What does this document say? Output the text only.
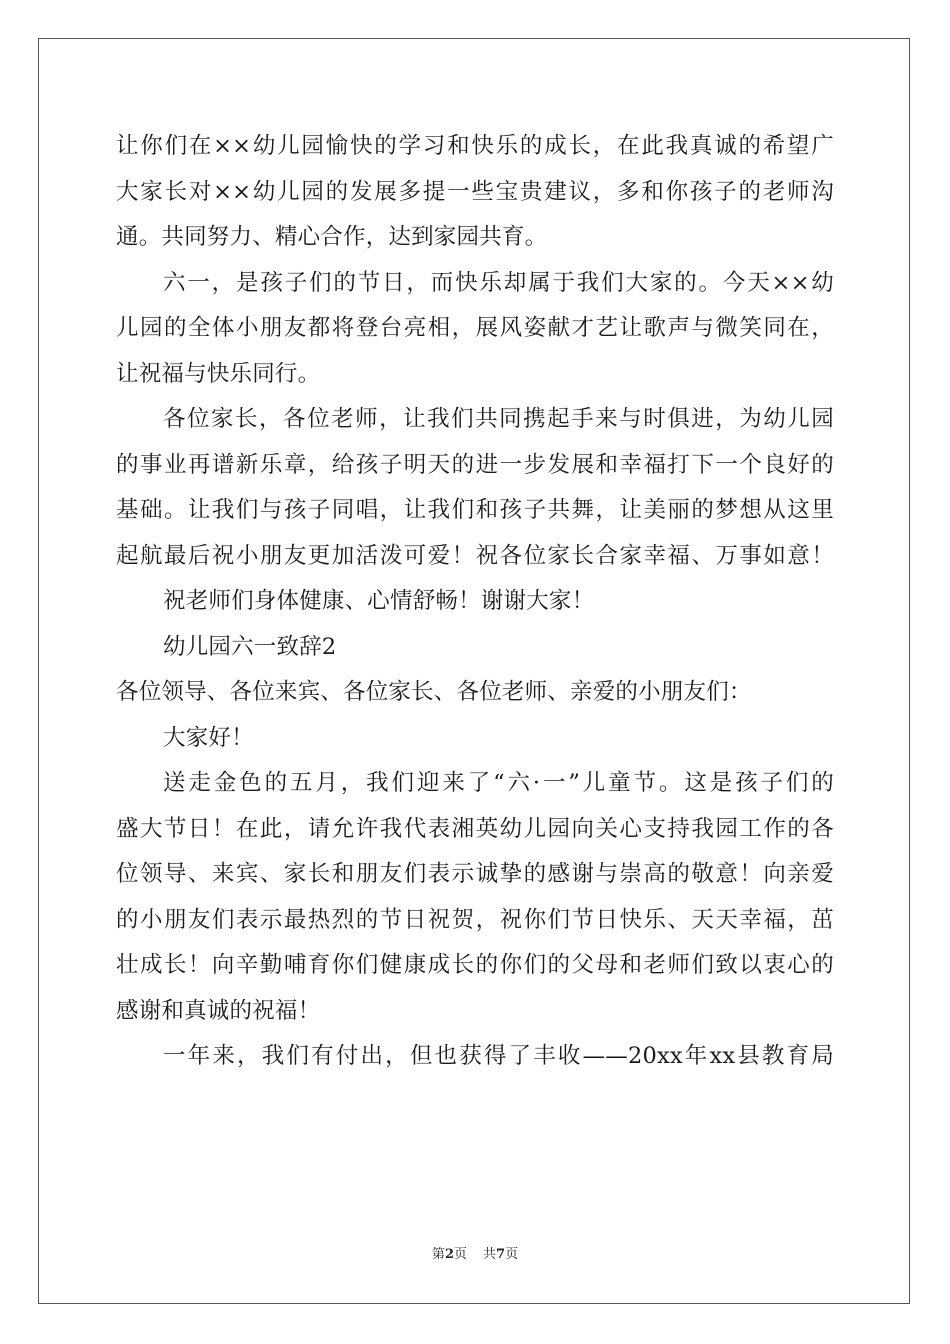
让你们在××幼儿园愉快的学习和快乐的成长，在此我真诚的希望广
大家长对××幼儿园的发展多提一些宝贵建议，多和你孩子的老师沟
通。共同努力、精心合作，达到家园共育。
六一，是孩子们的节日，而快乐却属于我们大家的。今天××幼
儿园的全体小朋友都将登台亮相，展风姿献才艺让歌声与微笑同在，
让祝福与快乐同行。
各位家长，各位老师，让我们共同携起手来与时俱进，为幼儿园
的事业再谱新乐章，给孩子明天的进一步发展和幸福打下一个良好的
基础。让我们与孩子同唱，让我们和孩子共舞，让美丽的梦想从这里
起航最后祝小朋友更加活泼可爱！祝各位家长合家幸福、万事如意！
祝老师们身体健康、心情舒畅！谢谢大家！
幼儿园六一致辞2
各位领导、各位来宾、各位家长、各位老师、亲爱的小朋友们：
大家好！
送走金色的五月，我们迎来了“六·一”儿童节。这是孩子们的
盛大节日！在此，请允许我代表湘英幼儿园向关心支持我园工作的各
位领导、来宾、家长和朋友们表示诚挚的感谢与崇高的敬意！向亲爱
的小朋友们表示最热烈的节日祝贺，祝你们节日快乐、天天幸福，茁
壮成长！向辛勤哺育你们健康成长的你们的父母和老师们致以衷心的
感谢和真诚的祝福！
一年来，我们有付出，但也获得了丰收——20xx年xx县教育局
第2页 共7页
